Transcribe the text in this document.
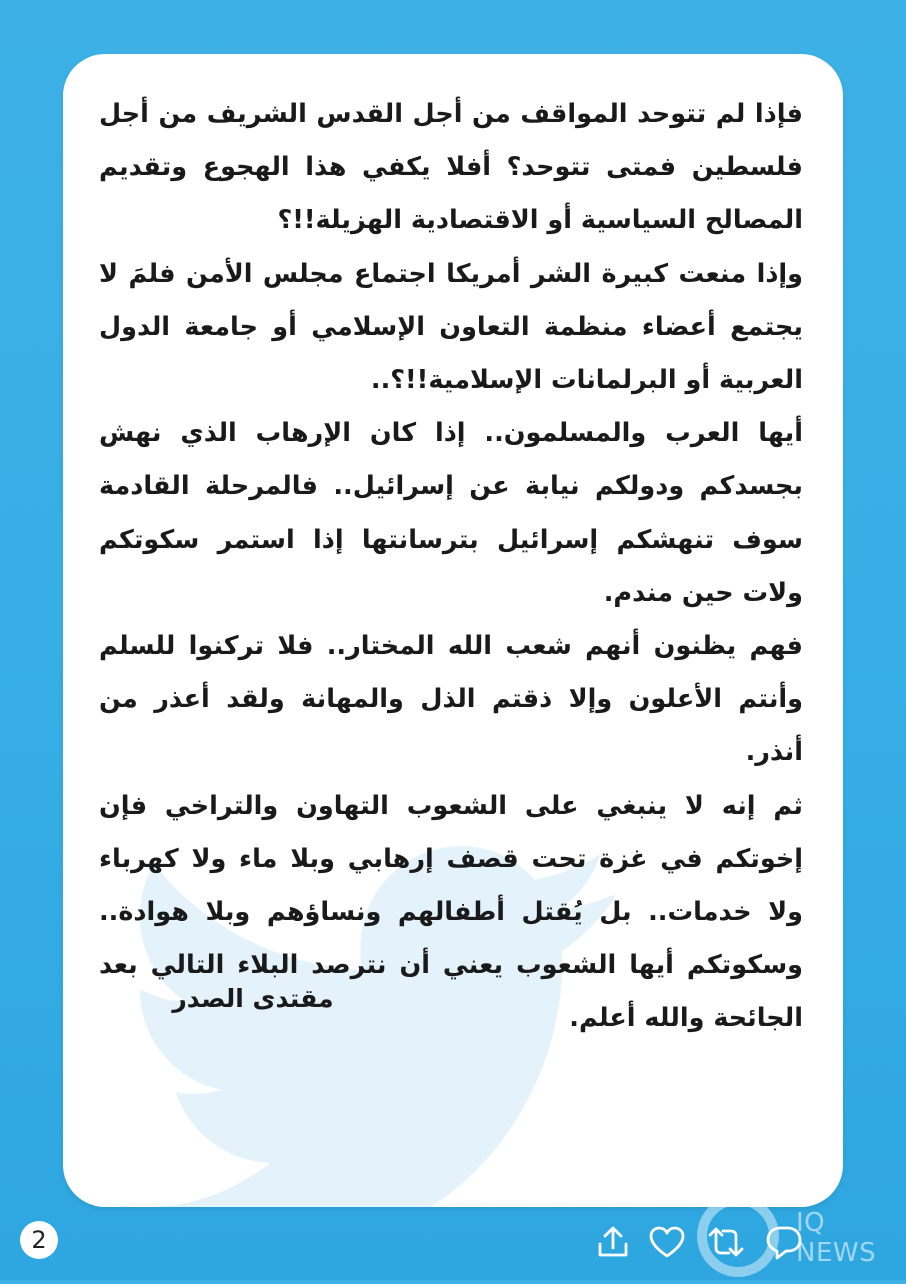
فإذا لم تتوحد المواقف من أجل القدس الشريف من أجل فلسطين فمتى تتوحد؟ أفلا يكفي هذا الهجوع وتقديم المصالح السياسية أو الاقتصادية الهزيلة!!؟

وإذا منعت كبيرة الشر أمريكا اجتماع مجلس الأمن فلمَ لا يجتمع أعضاء منظمة التعاون الإسلامي أو جامعة الدول العربية أو البرلمانات الإسلامية!!؟..

أيها العرب والمسلمون.. إذا كان الإرهاب الذي نهش بجسدكم ودولكم نيابة عن إسرائيل.. فالمرحلة القادمة سوف تنهشكم إسرائيل بترسانتها إذا استمر سكوتكم ولات حين مندم.

فهم يظنون أنهم شعب الله المختار.. فلا تركنوا للسلم وأنتم الأعلون وإلا ذقتم الذل والمهانة ولقد أعذر من أنذر.

ثم إنه لا ينبغي على الشعوب التهاون والتراخي فإن إخوتكم في غزة تحت قصف إرهابي وبلا ماء ولا كهرباء ولا خدمات.. بل يُقتل أطفالهم ونساؤهم وبلا هوادة.. وسكوتكم أيها الشعوب يعني أن نترصد البلاء التالي بعد الجائحة والله أعلم.

مقتدى الصدر
2
IQ NEWS
